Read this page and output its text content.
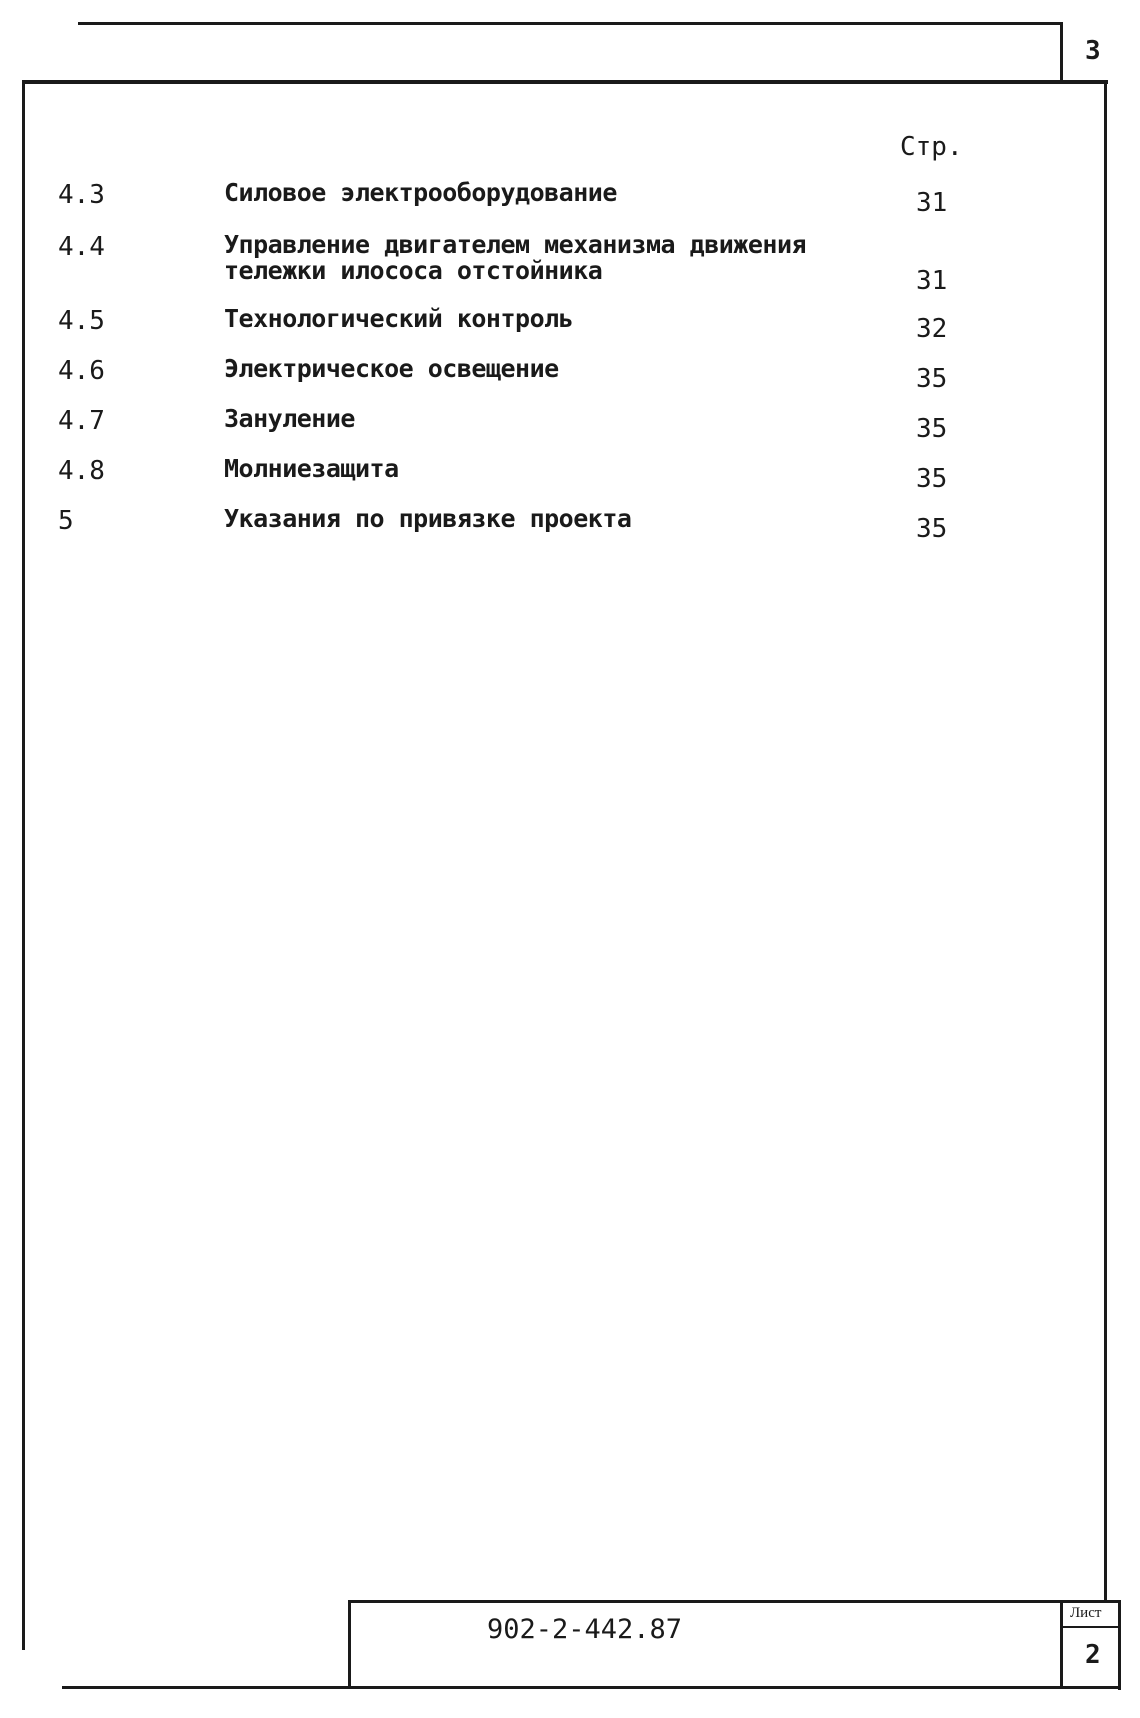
3
Стр.
4.3	Силовое электрооборудование	31
4.4	Управление двигателем механизма движения тележки илососа отстойника	31
4.5	Технологический контроль	32
4.6	Электрическое освещение	35
4.7	Зануление	35
4.8	Молниезащита	35
5	Указания по привязке проекта	35
902-2-442.87
Лист
2
